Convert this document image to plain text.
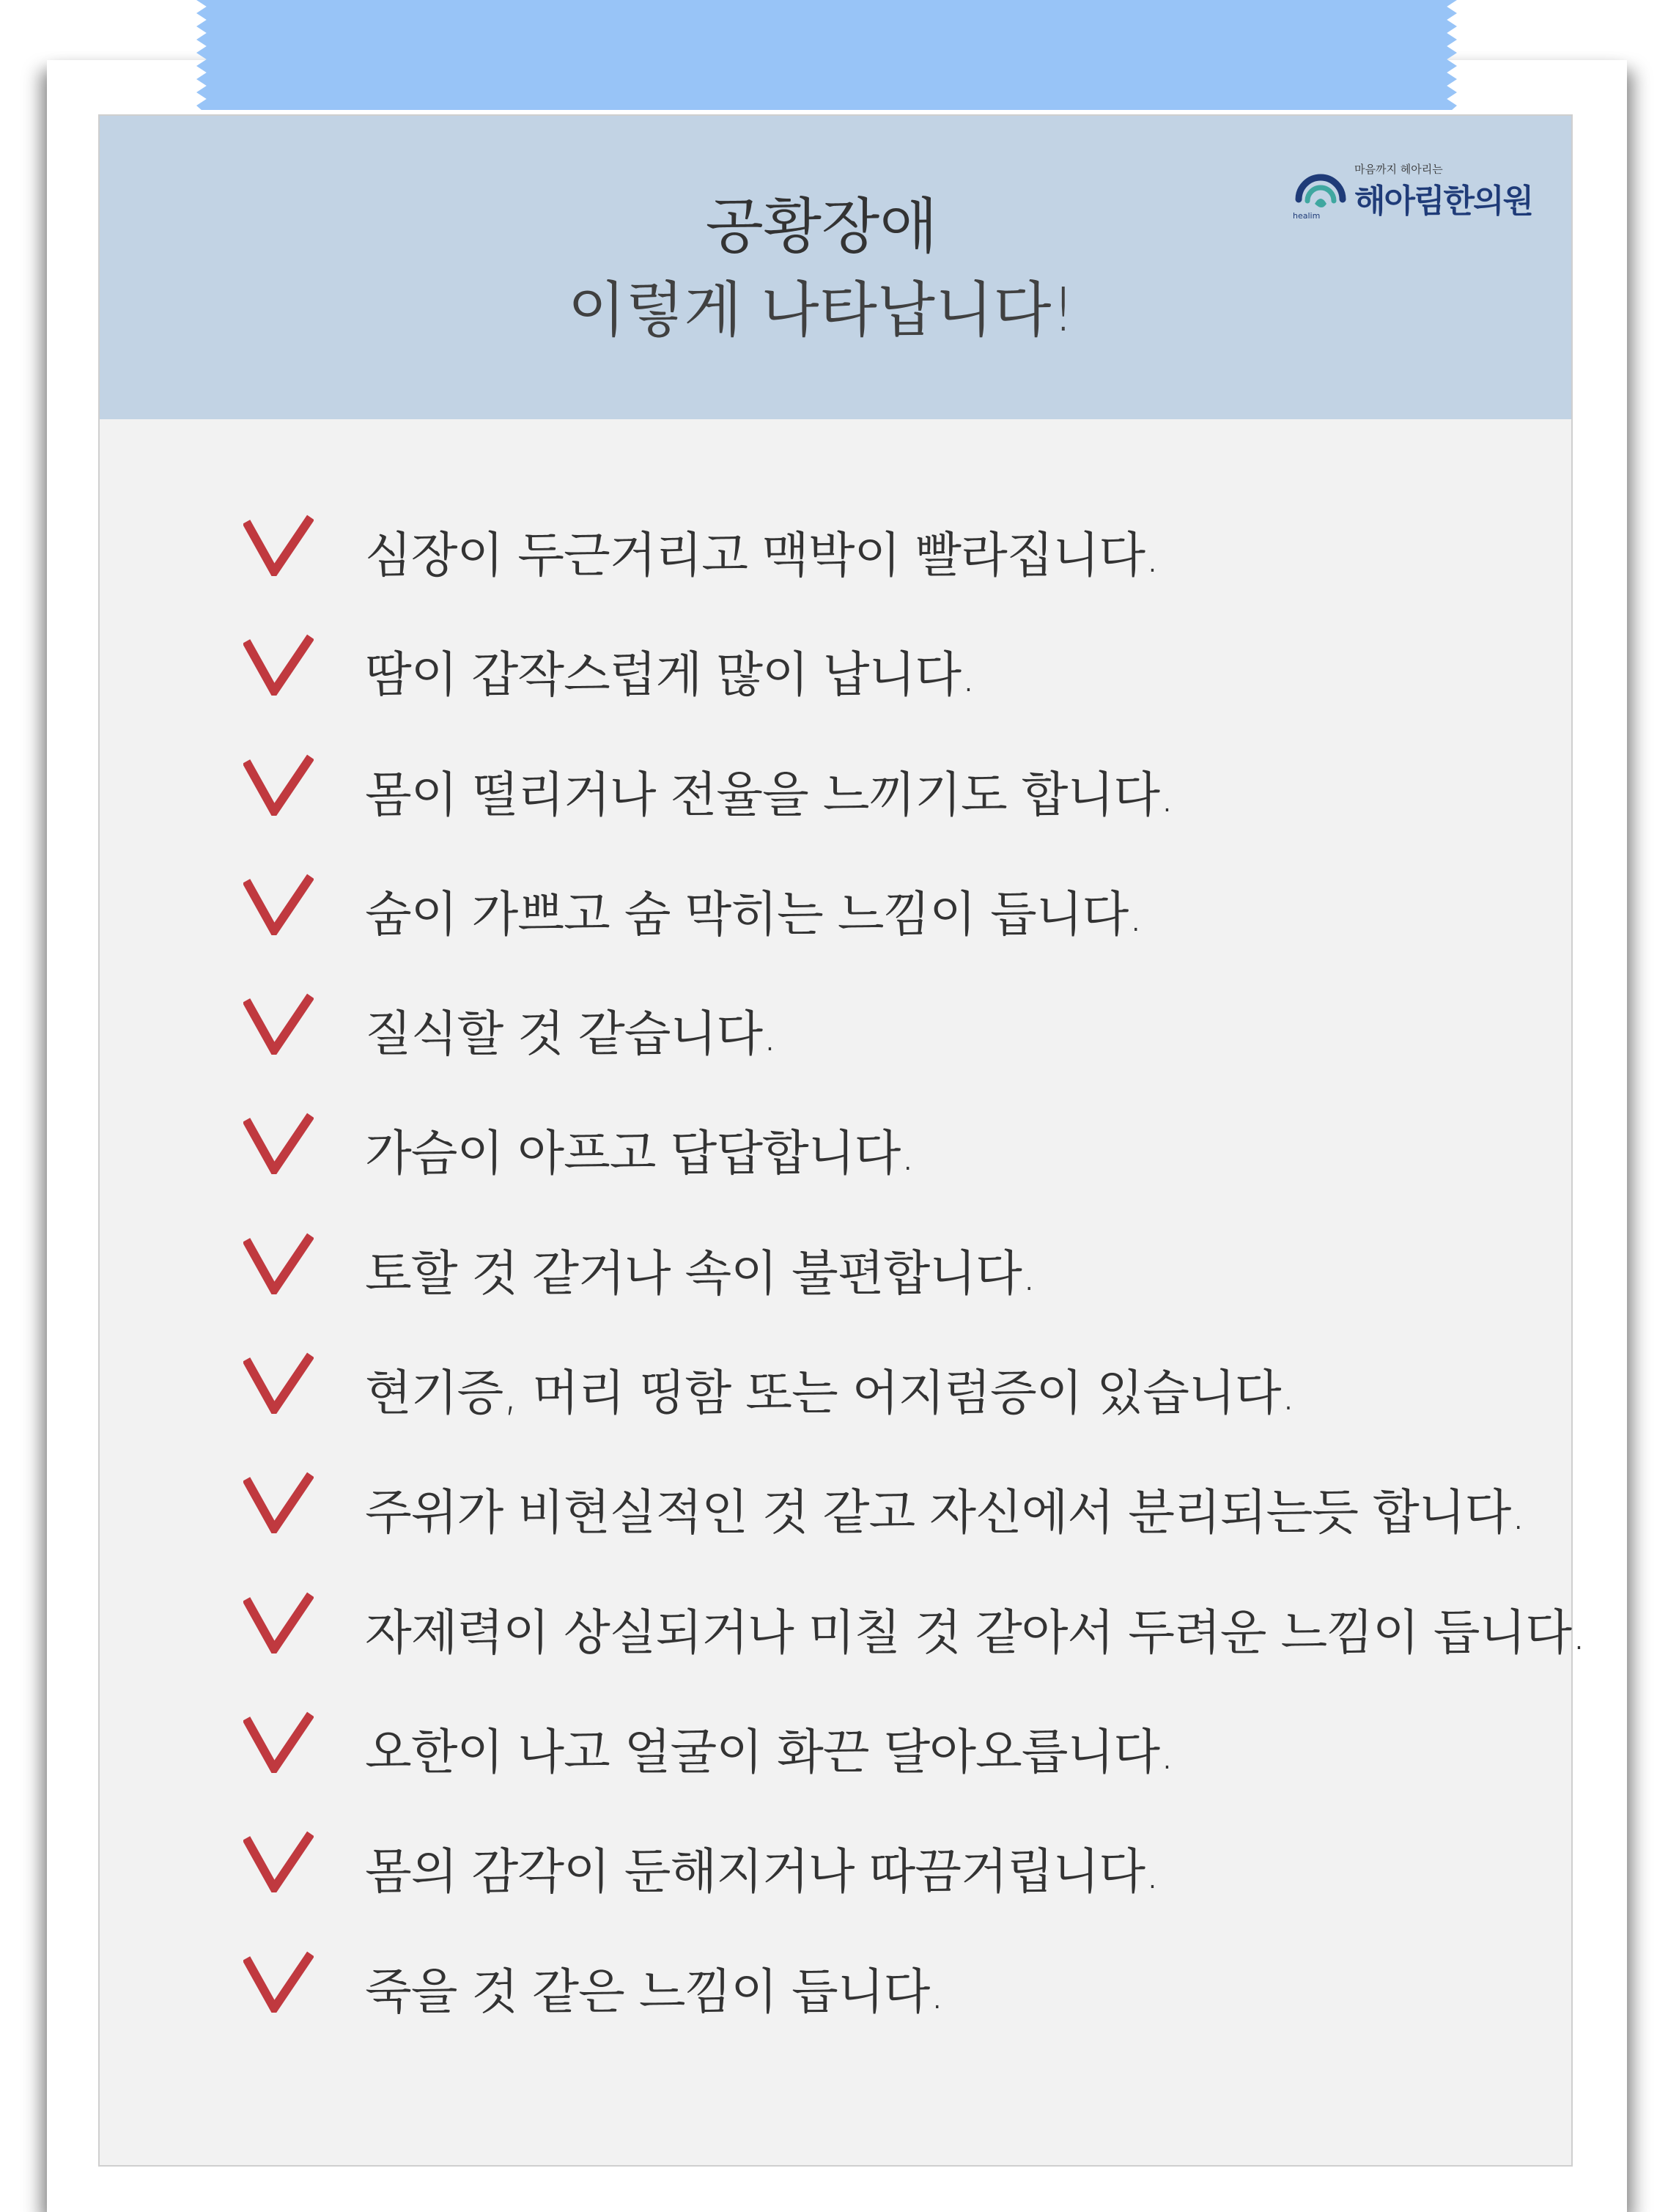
공황장애
이렇게 나타납니다!
마음까지 헤아리는
해아림한의원
healim
심장이 두근거리고 맥박이 빨라집니다.
땀이 갑작스럽게 많이 납니다.
몸이 떨리거나 전율을 느끼기도 합니다.
숨이 가쁘고 숨 막히는 느낌이 듭니다.
질식할 것 같습니다.
가슴이 아프고 답답합니다.
토할 것 같거나 속이 불편합니다.
현기증, 머리 띵함 또는 어지럼증이 있습니다.
주위가 비현실적인 것 같고 자신에서 분리되는듯 합니다.
자제력이 상실되거나 미칠 것 같아서 두려운 느낌이 듭니다.
오한이 나고 얼굴이 화끈 달아오릅니다.
몸의 감각이 둔해지거나 따끔거립니다.
죽을 것 같은 느낌이 듭니다.
